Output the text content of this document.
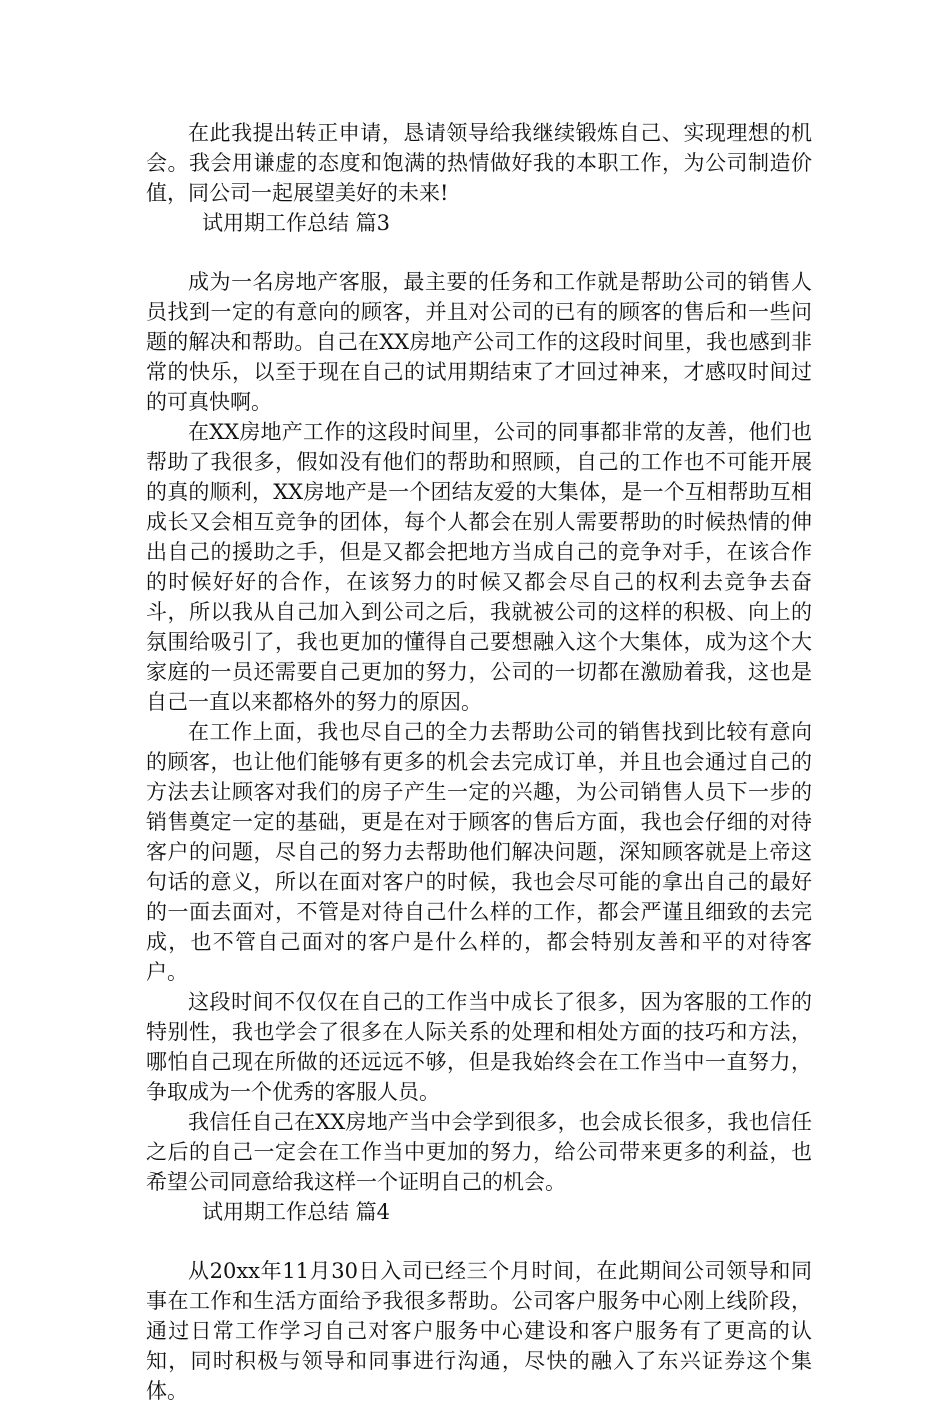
在此我提出转正申请，恳请领导给我继续锻炼自己、实现理想的机会。我会用谦虚的态度和饱满的热情做好我的本职工作，为公司制造价值，同公司一起展望美好的未来!

试用期工作总结 篇3

成为一名房地产客服，最主要的任务和工作就是帮助公司的销售人员找到一定的有意向的顾客，并且对公司的已有的顾客的售后和一些问题的解决和帮助。自己在XX房地产公司工作的这段时间里，我也感到非常的快乐，以至于现在自己的试用期结束了才回过神来，才感叹时间过的可真快啊。

在XX房地产工作的这段时间里，公司的同事都非常的友善，他们也帮助了我很多，假如没有他们的帮助和照顾，自己的工作也不可能开展的真的顺利，XX房地产是一个团结友爱的大集体，是一个互相帮助互相成长又会相互竞争的团体，每个人都会在别人需要帮助的时候热情的伸出自己的援助之手，但是又都会把地方当成自己的竞争对手，在该合作的时候好好的合作，在该努力的时候又都会尽自己的权利去竞争去奋斗，所以我从自己加入到公司之后，我就被公司的这样的积极、向上的氛围给吸引了，我也更加的懂得自己要想融入这个大集体，成为这个大家庭的一员还需要自己更加的努力，公司的一切都在激励着我，这也是自己一直以来都格外的努力的原因。

在工作上面，我也尽自己的全力去帮助公司的销售找到比较有意向的顾客，也让他们能够有更多的机会去完成订单，并且也会通过自己的方法去让顾客对我们的房子产生一定的兴趣，为公司销售人员下一步的销售奠定一定的基础，更是在对于顾客的售后方面，我也会仔细的对待客户的问题，尽自己的努力去帮助他们解决问题，深知顾客就是上帝这句话的意义，所以在面对客户的时候，我也会尽可能的拿出自己的最好的一面去面对，不管是对待自己什么样的工作，都会严谨且细致的去完成，也不管自己面对的客户是什么样的，都会特别友善和平的对待客户。

这段时间不仅仅在自己的工作当中成长了很多，因为客服的工作的特别性，我也学会了很多在人际关系的处理和相处方面的技巧和方法，哪怕自己现在所做的还远远不够，但是我始终会在工作当中一直努力，争取成为一个优秀的客服人员。

我信任自己在XX房地产当中会学到很多，也会成长很多，我也信任之后的自己一定会在工作当中更加的努力，给公司带来更多的利益，也希望公司同意给我这样一个证明自己的机会。

试用期工作总结 篇4

从20xx年11月30日入司已经三个月时间，在此期间公司领导和同事在工作和生活方面给予我很多帮助。公司客户服务中心刚上线阶段，通过日常工作学习自己对客户服务中心建设和客户服务有了更高的认知，同时积极与领导和同事进行沟通，尽快的融入了东兴证券这个集体。
